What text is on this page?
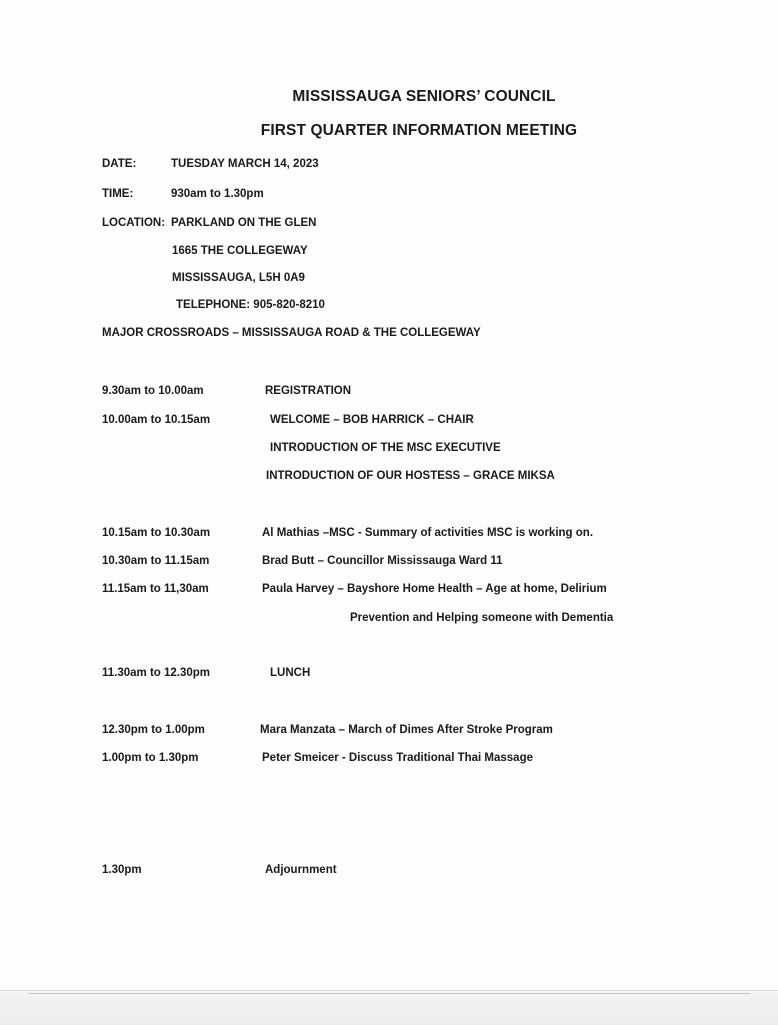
MISSISSAUGA SENIORS’ COUNCIL
FIRST QUARTER INFORMATION MEETING
DATE:	TUESDAY MARCH 14, 2023
TIME:	930am to 1.30pm
LOCATION: PARKLAND ON THE GLEN
1665 THE COLLEGEWAY
MISSISSAUGA, L5H 0A9
TELEPHONE: 905-820-8210
MAJOR CROSSROADS – MISSISSAUGA ROAD & THE COLLEGEWAY
9.30am to 10.00am	REGISTRATION
10.00am to 10.15am	WELCOME – BOB HARRICK – CHAIR
INTRODUCTION OF THE MSC EXECUTIVE
INTRODUCTION OF OUR HOSTESS – GRACE MIKSA
10.15am to 10.30am	Al Mathias –MSC - Summary of activities MSC is working on.
10.30am to 11.15am	Brad Butt – Councillor Mississauga Ward 11
11.15am to 11,30am	Paula Harvey – Bayshore Home Health – Age at home, Delirium
Prevention and Helping someone with Dementia
11.30am to 12.30pm	LUNCH
12.30pm to 1.00pm	Mara Manzata – March of Dimes After Stroke Program
1.00pm to 1.30pm	Peter Smeicer - Discuss Traditional Thai Massage
1.30pm	Adjournment
